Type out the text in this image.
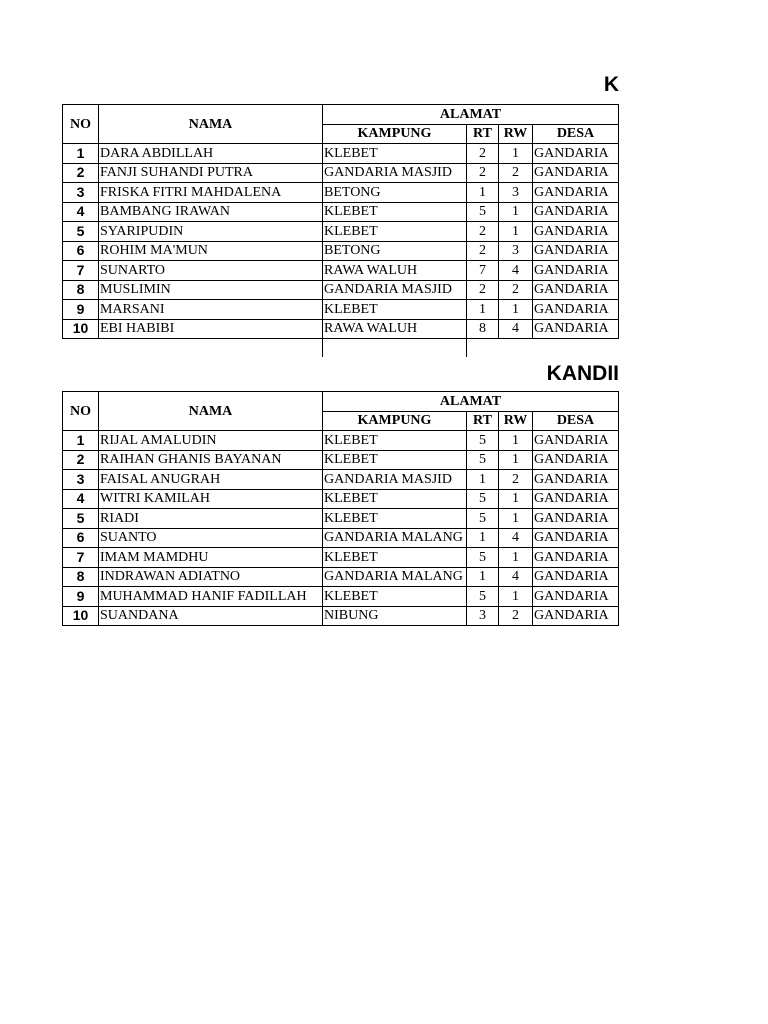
K
NO	NAMA	ALAMAT			
		KAMPUNG	RT	RW	DESA
1	DARA ABDILLAH	KLEBET	2	1	GANDARIA
2	FANJI SUHANDI PUTRA	GANDARIA MASJID	2	2	GANDARIA
3	FRISKA FITRI MAHDALENA	BETONG	1	3	GANDARIA
4	BAMBANG IRAWAN	KLEBET	5	1	GANDARIA
5	SYARIPUDIN	KLEBET	2	1	GANDARIA
6	ROHIM MA'MUN	BETONG	2	3	GANDARIA
7	SUNARTO	RAWA WALUH	7	4	GANDARIA
8	MUSLIMIN	GANDARIA MASJID	2	2	GANDARIA
9	MARSANI	KLEBET	1	1	GANDARIA
10	EBI HABIBI	RAWA WALUH	8	4	GANDARIA
KANDII
NO	NAMA	ALAMAT			
		KAMPUNG	RT	RW	DESA
1	RIJAL AMALUDIN	KLEBET	5	1	GANDARIA
2	RAIHAN GHANIS BAYANAN	KLEBET	5	1	GANDARIA
3	FAISAL ANUGRAH	GANDARIA MASJID	1	2	GANDARIA
4	WITRI KAMILAH	KLEBET	5	1	GANDARIA
5	RIADI	KLEBET	5	1	GANDARIA
6	SUANTO	GANDARIA MALANG	1	4	GANDARIA
7	IMAM MAMDHU	KLEBET	5	1	GANDARIA
8	INDRAWAN ADIATNO	GANDARIA MALANG	1	4	GANDARIA
9	MUHAMMAD HANIF FADILLAH	KLEBET	5	1	GANDARIA
10	SUANDANA	NIBUNG	3	2	GANDARIA
